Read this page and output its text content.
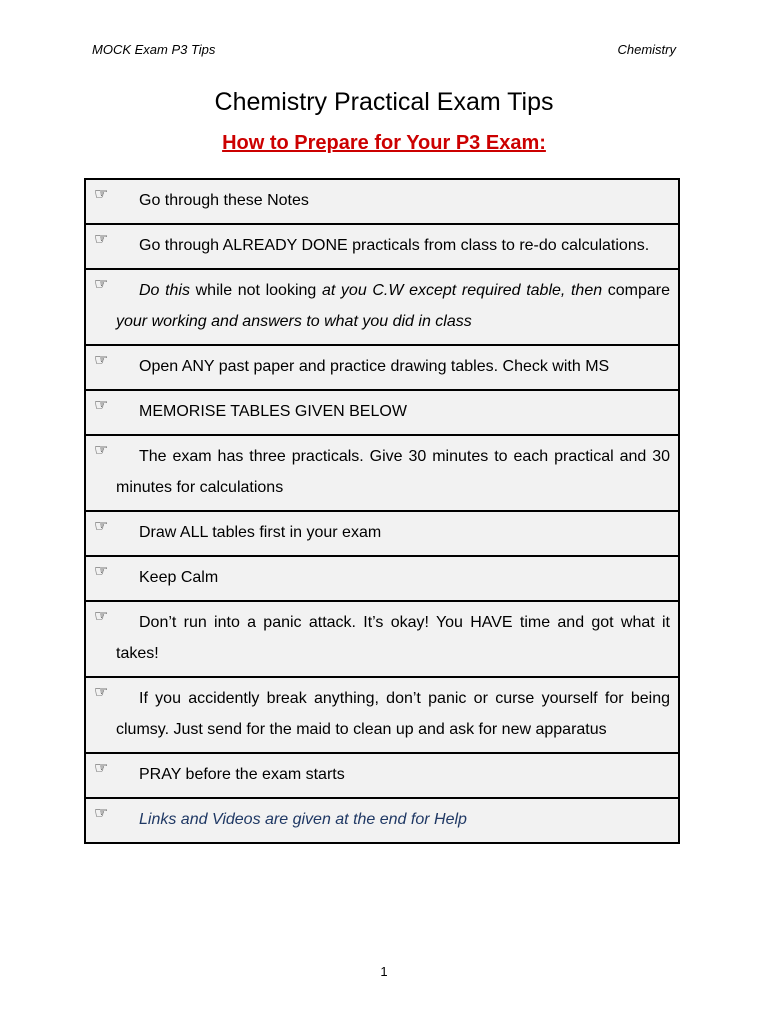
MOCK Exam P3 Tips	Chemistry
Chemistry Practical Exam Tips
How to Prepare for Your P3 Exam:
☞ Go through these Notes
☞ Go through ALREADY DONE practicals from class to re-do calculations.
☞ Do this while not looking at you C.W except required table, then compare your working and answers to what you did in class
☞ Open ANY past paper and practice drawing tables. Check with MS
☞ MEMORISE TABLES GIVEN BELOW
☞ The exam has three practicals. Give 30 minutes to each practical and 30 minutes for calculations
☞ Draw ALL tables first in your exam
☞ Keep Calm
☞ Don’t run into a panic attack. It’s okay! You HAVE time and got what it takes!
☞ If you accidently break anything, don’t panic or curse yourself for being clumsy. Just send for the maid to clean up and ask for new apparatus
☞ PRAY before the exam starts
☞ Links and Videos are given at the end for Help
1
